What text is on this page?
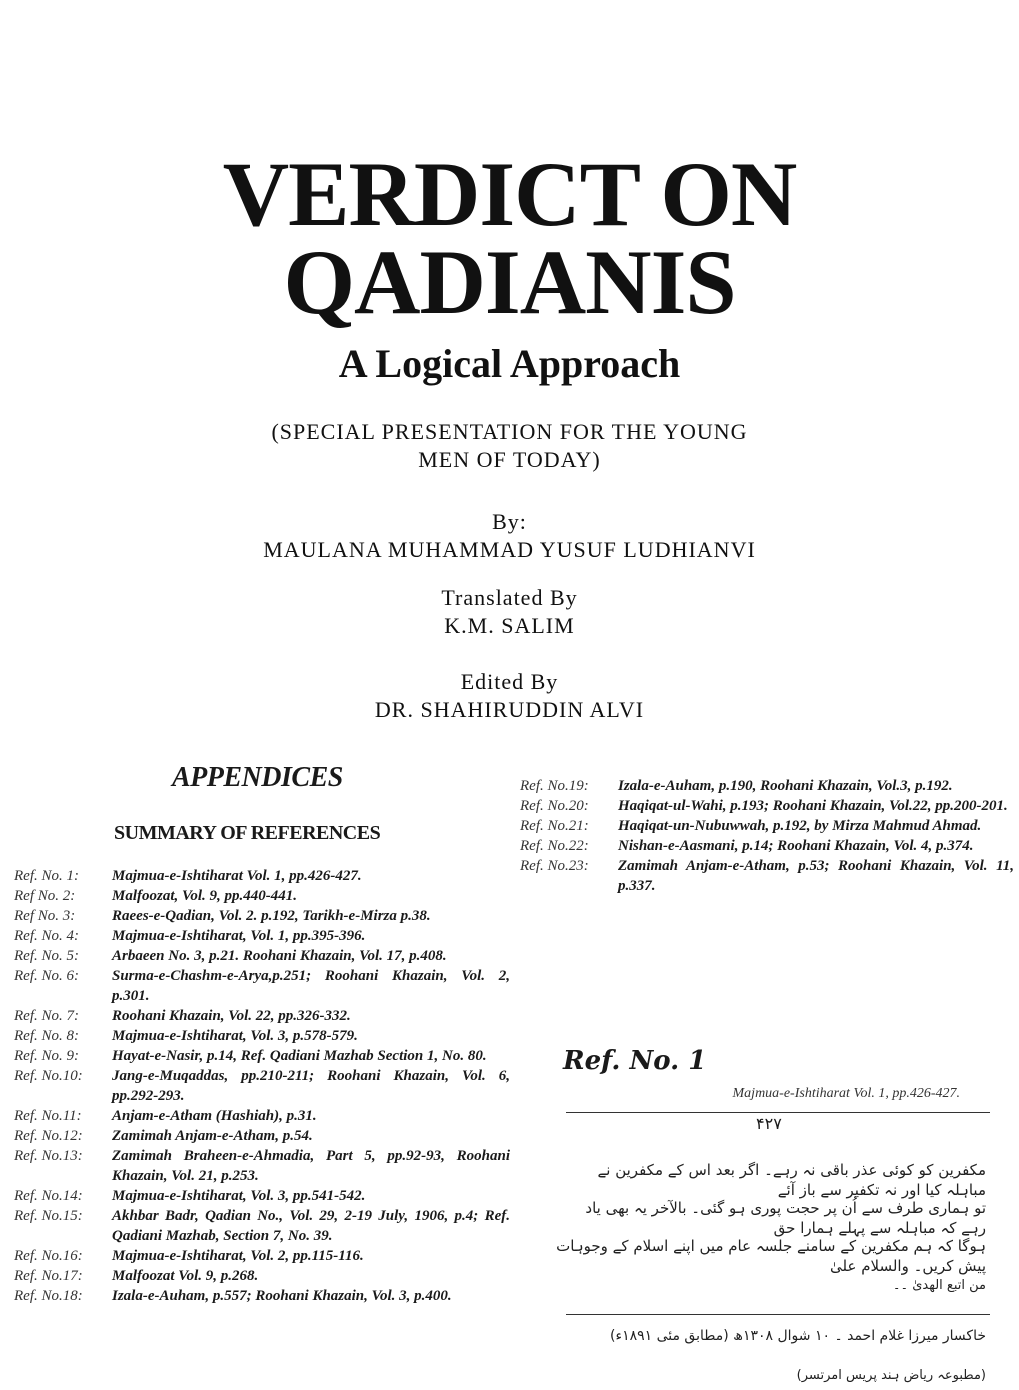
VERDICT ON
QADIANIS
A Logical Approach
(SPECIAL PRESENTATION FOR THE YOUNG
MEN OF TODAY)
By:
MAULANA MUHAMMAD YUSUF LUDHIANVI
Translated By
K.M. SALIM
Edited By
DR. SHAHIRUDDIN ALVI
APPENDICES
SUMMARY OF REFERENCES
Ref. No. 1:	Majmua-e-Ishtiharat Vol. 1, pp.426-427.
Ref No. 2:	Malfoozat, Vol. 9, pp.440-441.
Ref No. 3:	Raees-e-Qadian, Vol. 2. p.192, Tarikh-e-Mirza p.38.
Ref. No. 4:	Majmua-e-Ishtiharat, Vol. 1, pp.395-396.
Ref. No. 5:	Arbaeen No. 3, p.21. Roohani Khazain, Vol. 17, p.408.
Ref. No. 6:	Surma-e-Chashm-e-Arya,p.251; Roohani Khazain, Vol. 2, p.301.
Ref. No. 7:	Roohani Khazain, Vol. 22, pp.326-332.
Ref. No. 8:	Majmua-e-Ishtiharat, Vol. 3, p.578-579.
Ref. No. 9:	Hayat-e-Nasir, p.14, Ref. Qadiani Mazhab Section 1, No. 80.
Ref. No.10:	Jang-e-Muqaddas, pp.210-211; Roohani Khazain, Vol. 6, pp.292-293.
Ref. No.11:	Anjam-e-Atham (Hashiah), p.31.
Ref. No.12:	Zamimah Anjam-e-Atham, p.54.
Ref. No.13:	Zamimah Braheen-e-Ahmadia, Part 5, pp.92-93, Roohani Khazain, Vol. 21, p.253.
Ref. No.14:	Majmua-e-Ishtiharat, Vol. 3, pp.541-542.
Ref. No.15:	Akhbar Badr, Qadian No., Vol. 29, 2-19 July, 1906, p.4; Ref. Qadiani Mazhab, Section 7, No. 39.
Ref. No.16:	Majmua-e-Ishtiharat, Vol. 2, pp.115-116.
Ref. No.17:	Malfoozat Vol. 9, p.268.
Ref. No.18:	Izala-e-Auham, p.557; Roohani Khazain, Vol. 3, p.400.
Ref. No.19:	Izala-e-Auham, p.190, Roohani Khazain, Vol.3, p.192.
Ref. No.20:	Haqiqat-ul-Wahi, p.193; Roohani Khazain, Vol.22, pp.200-201.
Ref. No.21:	Haqiqat-un-Nubuwwah, p.192, by Mirza Mahmud Ahmad.
Ref. No.22:	Nishan-e-Aasmani, p.14; Roohani Khazain, Vol. 4, p.374.
Ref. No.23:	Zamimah Anjam-e-Atham, p.53; Roohani Khazain, Vol. 11, p.337.
Ref. No. 1
Majmua-e-Ishtiharat Vol. 1, pp.426-427.
۴۲۷
مکفرین کو کوئی عذر باقی نہ رہے۔ اگر بعد اس کے مکفرین نے مباہلہ کیا اور نہ تکفیر سے باز آئے
تو ہماری طرف سے اُن پر حجت پوری ہو گئی۔ بالآخر یہ بھی یاد رہے کہ مباہلہ سے پہلے ہمارا حق
ہوگا کہ ہم مکفرین کے سامنے جلسہ عام میں اپنے اسلام کے وجوہات پیش کریں۔ والسلام علیٰ
من اتبع الھدیٰ ۔۔
خاکسار میرزا غلام احمد ۔ ۱۰ شوال ۱۳۰۸ھ (مطابق مئی ۱۸۹۱ء)
(مطبوعہ ریاض ہند پریس امرتسر)
